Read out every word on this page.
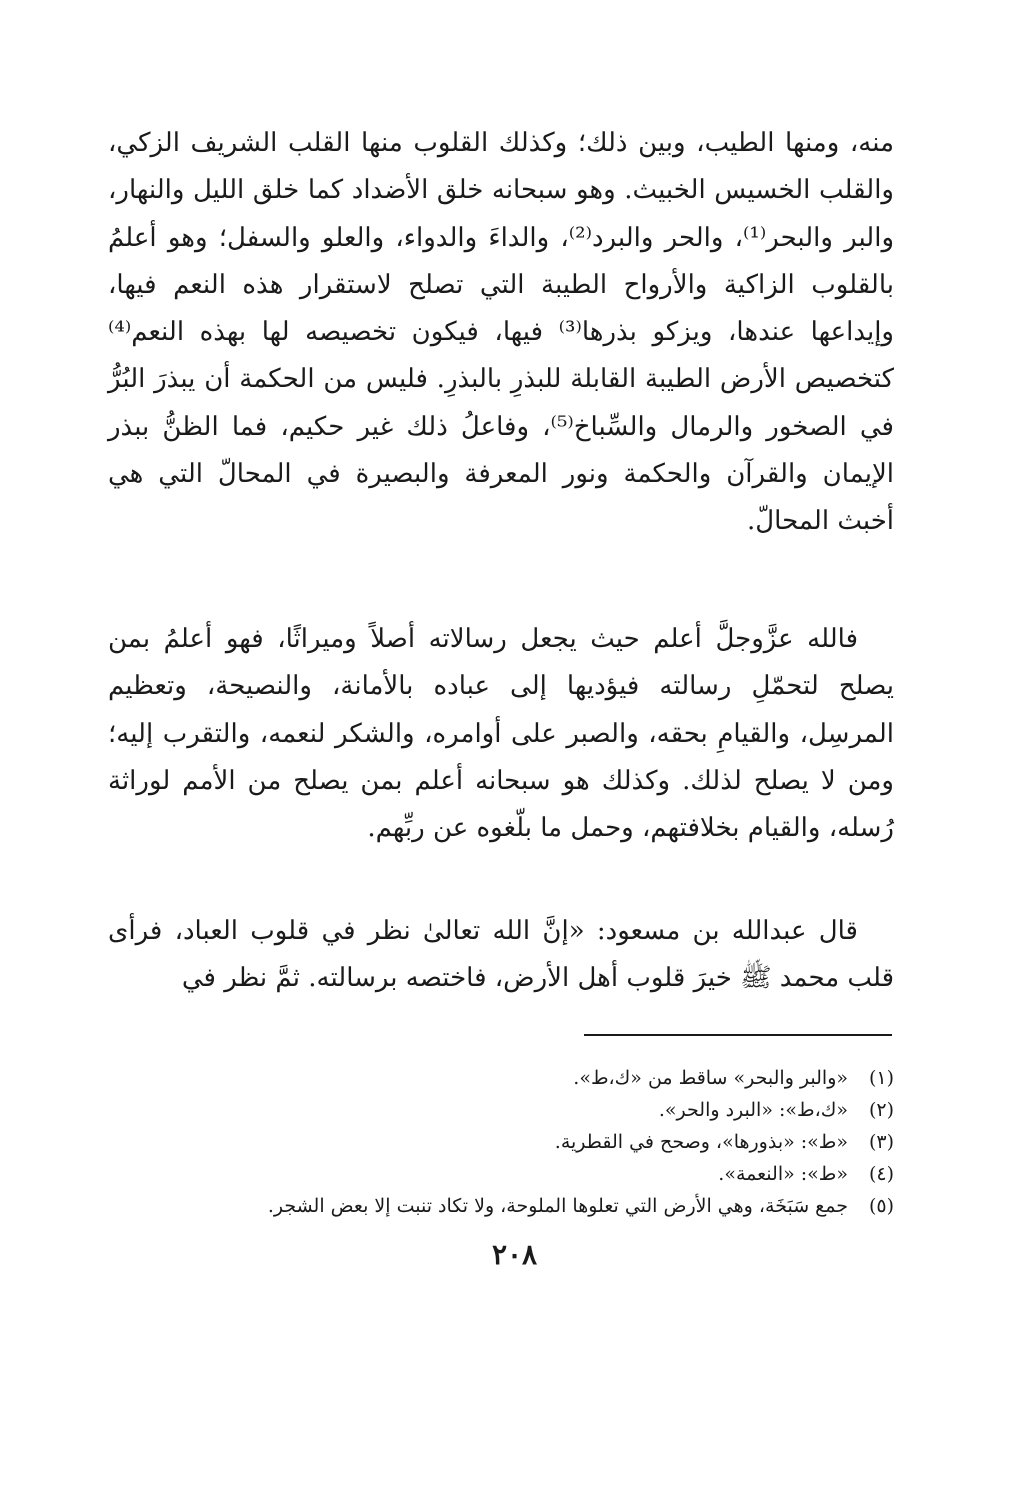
منه، ومنها الطيب، وبين ذلك؛ وكذلك القلوب منها القلب الشريف الزكي، والقلب الخسيس الخبيث. وهو سبحانه خلق الأضداد كما خلق الليل والنهار، والبر والبحر⁽¹⁾، والحر والبرد⁽²⁾، والداءَ والدواء، والعلو والسفل؛ وهو أعلمُ بالقلوب الزاكية والأرواح الطيبة التي تصلح لاستقرار هذه النعم فيها، وإيداعها عندها، ويزكو بذرها⁽³⁾ فيها، فيكون تخصيصه لها بهذه النعم⁽⁴⁾ كتخصيص الأرض الطيبة القابلة للبذرِ بالبذرِ. فليس من الحكمة أن يبذرَ البُرُّ في الصخور والرمال والسِّباخ⁽⁵⁾، وفاعلُ ذلك غير حكيم، فما الظنُّ ببذر الإيمان والقرآن والحكمة ونور المعرفة والبصيرة في المحالّ التي هي أخبث المحالّ.

فالله عزَّوجلَّ أعلم حيث يجعل رسالاته أصلاً وميراثًا، فهو أعلمُ بمن يصلح لتحمّلِ رسالته فيؤديها إلى عباده بالأمانة، والنصيحة، وتعظيم المرسِل، والقيامِ بحقه، والصبر على أوامره، والشكر لنعمه، والتقرب إليه؛ ومن لا يصلح لذلك. وكذلك هو سبحانه أعلم بمن يصلح من الأمم لوراثة رُسله، والقيام بخلافتهم، وحمل ما بلّغوه عن ربِّهم.

قال عبدالله بن مسعود: «إنَّ الله تعالىٰ نظر في قلوب العباد، فرأى قلب محمد ﷺ خيرَ قلوب أهل الأرض، فاختصه برسالته. ثمَّ نظر في

(١)
«والبر والبحر» ساقط من «ك،ط».
(٢)
«ك،ط»: «البرد والحر».
(٣)
«ط»: «بذورها»، وصحح في القطرية.
(٤)
«ط»: «النعمة».
(٥)
جمع سَبَخَة، وهي الأرض التي تعلوها الملوحة، ولا تكاد تنبت إلا بعض الشجر.
٢٠٨
